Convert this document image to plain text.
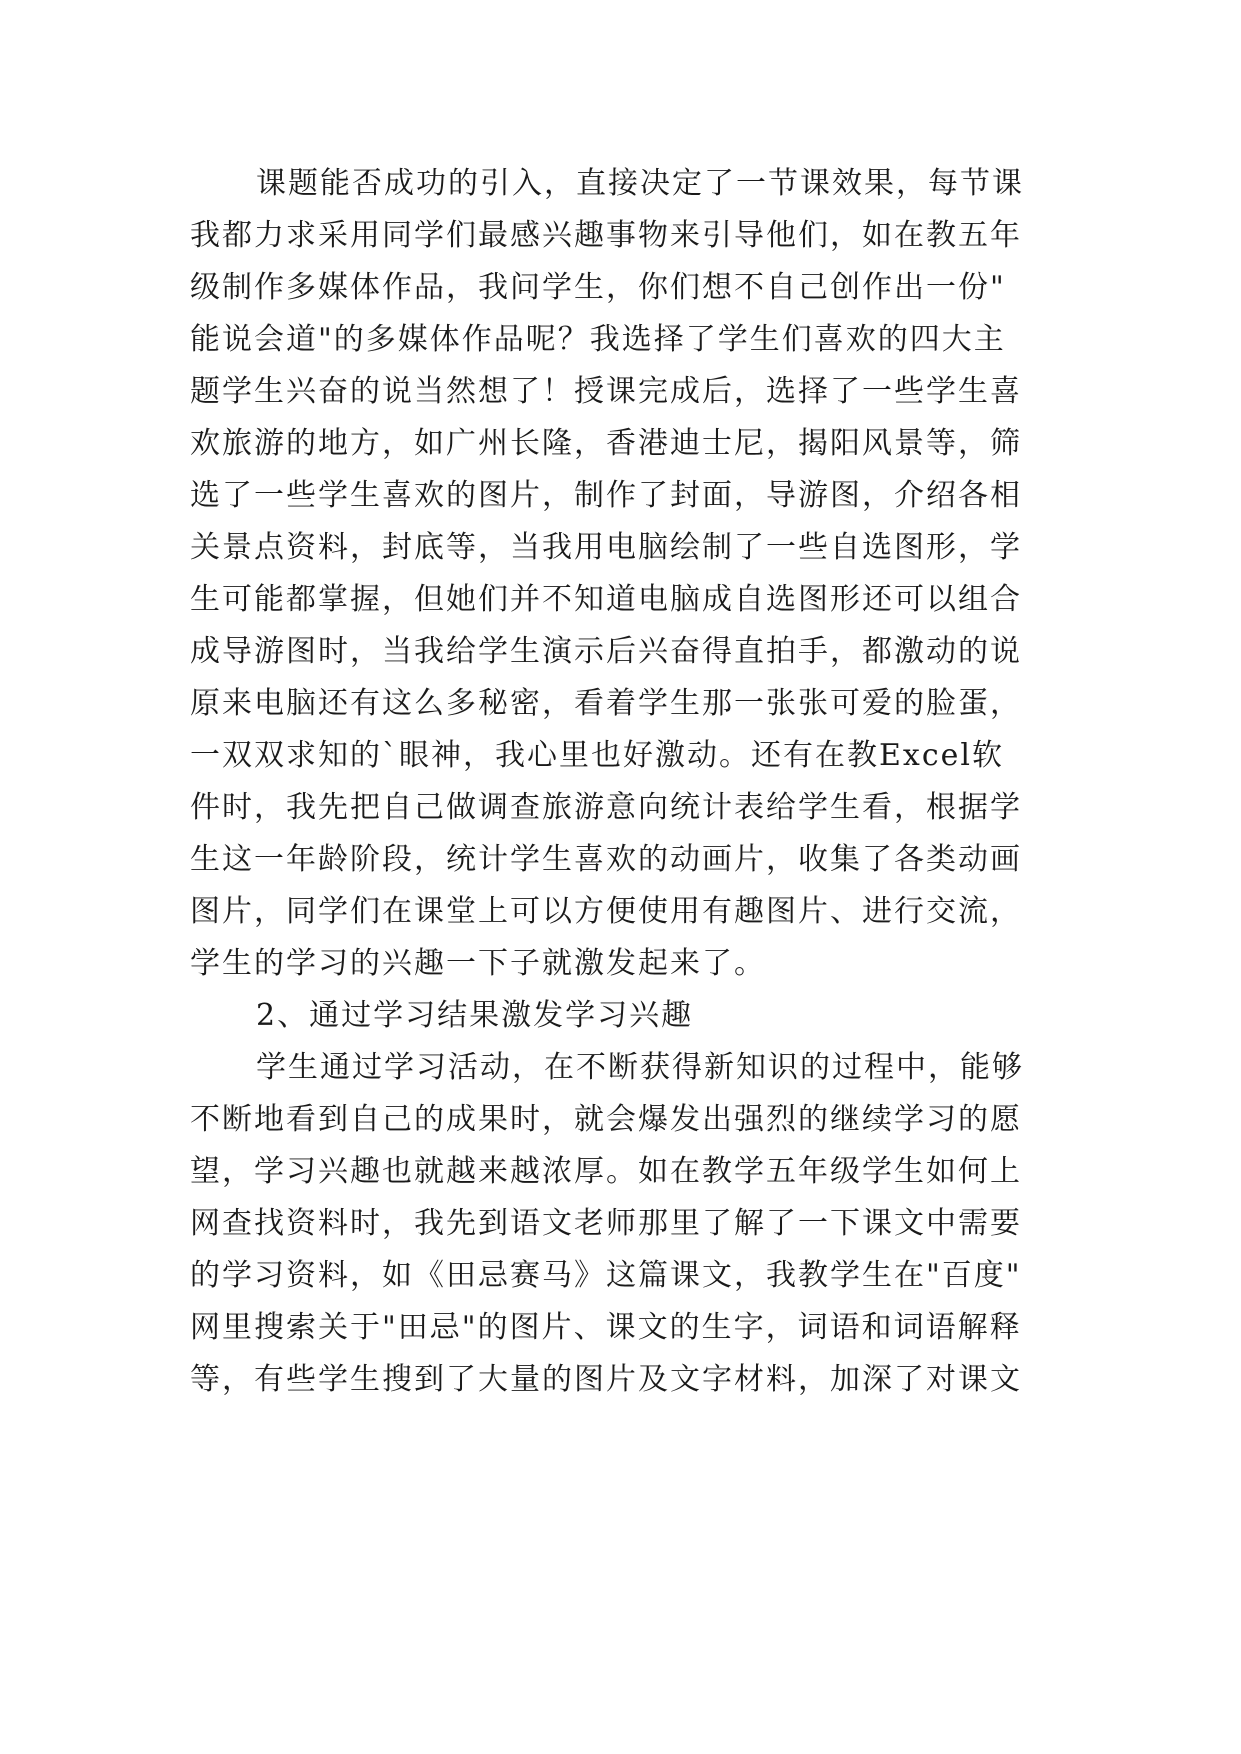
课题能否成功的引入，直接决定了一节课效果，每节课
我都力求采用同学们最感兴趣事物来引导他们，如在教五年
级制作多媒体作品，我问学生，你们想不自己创作出一份"
能说会道"的多媒体作品呢？我选择了学生们喜欢的四大主
题学生兴奋的说当然想了！授课完成后，选择了一些学生喜
欢旅游的地方，如广州长隆，香港迪士尼，揭阳风景等，筛
选了一些学生喜欢的图片，制作了封面，导游图，介绍各相
关景点资料，封底等，当我用电脑绘制了一些自选图形，学
生可能都掌握，但她们并不知道电脑成自选图形还可以组合
成导游图时，当我给学生演示后兴奋得直拍手，都激动的说
原来电脑还有这么多秘密，看着学生那一张张可爱的脸蛋，
一双双求知的`眼神，我心里也好激动。还有在教Excel软
件时，我先把自己做调查旅游意向统计表给学生看，根据学
生这一年龄阶段，统计学生喜欢的动画片，收集了各类动画
图片，同学们在课堂上可以方便使用有趣图片、进行交流，
学生的学习的兴趣一下子就激发起来了。
2、通过学习结果激发学习兴趣
学生通过学习活动，在不断获得新知识的过程中，能够
不断地看到自己的成果时，就会爆发出强烈的继续学习的愿
望，学习兴趣也就越来越浓厚。如在教学五年级学生如何上
网查找资料时，我先到语文老师那里了解了一下课文中需要
的学习资料，如《田忌赛马》这篇课文，我教学生在"百度"
网里搜索关于"田忌"的图片、课文的生字，词语和词语解释
等，有些学生搜到了大量的图片及文字材料，加深了对课文
